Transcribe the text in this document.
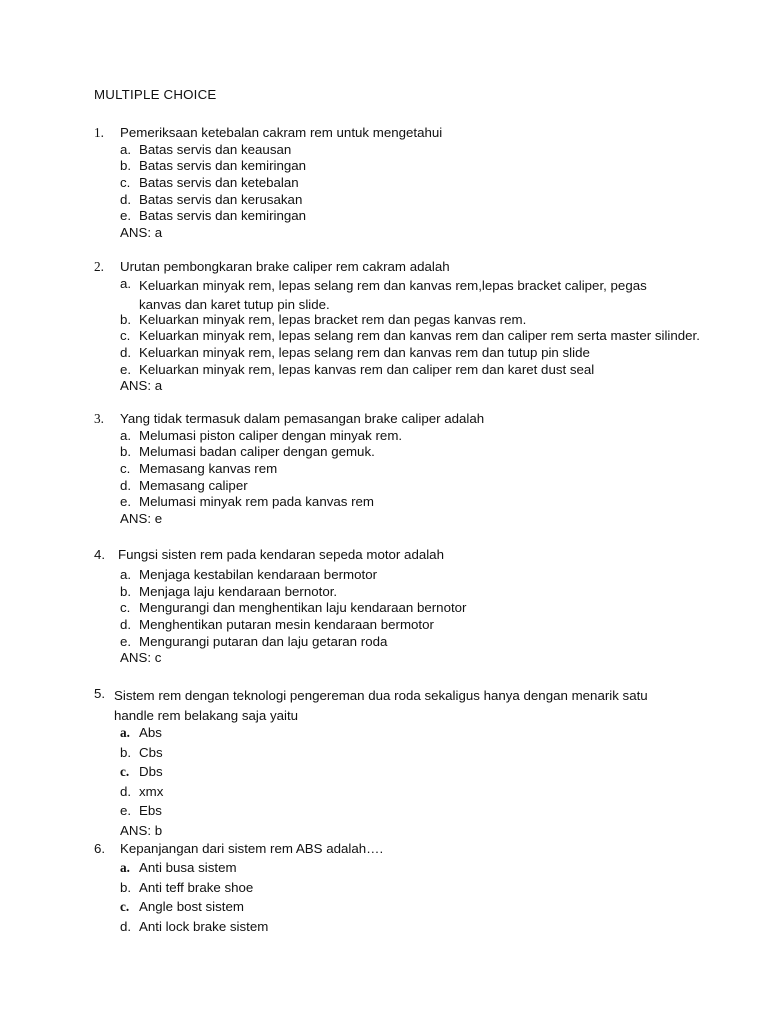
MULTIPLE CHOICE
1. Pemeriksaan ketebalan cakram rem untuk mengetahui
a. Batas servis dan keausan
b. Batas servis dan kemiringan
c. Batas servis dan ketebalan
d. Batas servis dan kerusakan
e. Batas servis dan kemiringan
ANS: a
2. Urutan pembongkaran brake caliper rem cakram adalah
a. Keluarkan minyak rem, lepas selang rem dan kanvas rem,lepas bracket caliper, pegas kanvas dan karet tutup pin slide.
b. Keluarkan minyak rem, lepas bracket rem dan pegas kanvas rem.
c. Keluarkan minyak rem, lepas selang rem dan kanvas rem dan caliper rem serta master silinder.
d. Keluarkan minyak rem, lepas selang rem dan kanvas rem dan tutup pin slide
e. Keluarkan minyak rem, lepas kanvas rem dan caliper rem dan karet dust seal
ANS: a
3. Yang tidak termasuk dalam pemasangan brake caliper adalah
a. Melumasi piston caliper dengan minyak rem.
b. Melumasi badan caliper dengan gemuk.
c. Memasang kanvas rem
d. Memasang caliper
e. Melumasi minyak rem pada kanvas rem
ANS: e
4. Fungsi sisten rem pada kendaran sepeda motor adalah
a. Menjaga kestabilan kendaraan bermotor
b. Menjaga laju kendaraan bernotor.
c. Mengurangi dan menghentikan laju kendaraan bernotor
d. Menghentikan putaran mesin kendaraan bermotor
e. Mengurangi putaran dan laju getaran roda
ANS: c
5. Sistem rem dengan teknologi pengereman dua roda sekaligus hanya dengan menarik satu handle rem belakang saja yaitu
a. Abs
b. Cbs
c. Dbs
d. xmx
e. Ebs
ANS: b
6. Kepanjangan dari sistem rem ABS adalah….
a. Anti busa sistem
b. Anti teff brake shoe
c. Angle bost sistem
d. Anti lock brake sistem
